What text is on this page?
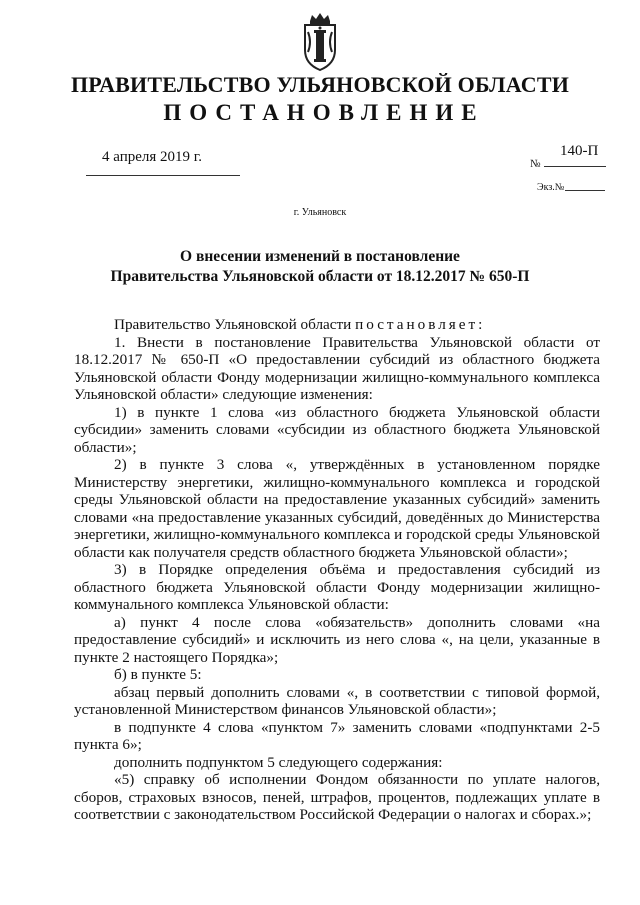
ПРАВИТЕЛЬСТВО УЛЬЯНОВСКОЙ ОБЛАСТИ
ПОСТАНОВЛЕНИЕ
4 апреля 2019 г.	№
140-П
Экз.№
г. Ульяновск
О внесении изменений в постановление
Правительства Ульяновской области от 18.12.2017 № 650-П
Правительство Ульяновской области постановляет:
1. Внести в постановление Правительства Ульяновской области от 18.12.2017 № 650-П «О предоставлении субсидий из областного бюджета Ульяновской области Фонду модернизации жилищно-коммунального комплекса Ульяновской области» следующие изменения:
1) в пункте 1 слова «из областного бюджета Ульяновской области субсидии» заменить словами «субсидии из областного бюджета Ульяновской области»;
2) в пункте 3 слова «, утверждённых в установленном порядке Министерству энергетики, жилищно-коммунального комплекса и городской среды Ульяновской области на предоставление указанных субсидий» заменить словами «на предоставление указанных субсидий, доведённых до Министерства энергетики, жилищно-коммунального комплекса и городской среды Ульяновской области как получателя средств областного бюджета Ульяновской области»;
3) в Порядке определения объёма и предоставления субсидий из областного бюджета Ульяновской области Фонду модернизации жилищно-коммунального комплекса Ульяновской области:
а) пункт 4 после слова «обязательств» дополнить словами «на предоставление субсидий» и исключить из него слова «, на цели, указанные в пункте 2 настоящего Порядка»;
б) в пункте 5:
абзац первый дополнить словами «, в соответствии с типовой формой, установленной Министерством финансов Ульяновской области»;
в подпункте 4 слова «пунктом 7» заменить словами «подпунктами 2-5 пункта 6»;
дополнить подпунктом 5 следующего содержания:
«5) справку об исполнении Фондом обязанности по уплате налогов, сборов, страховых взносов, пеней, штрафов, процентов, подлежащих уплате в соответствии с законодательством Российской Федерации о налогах и сборах.»;
